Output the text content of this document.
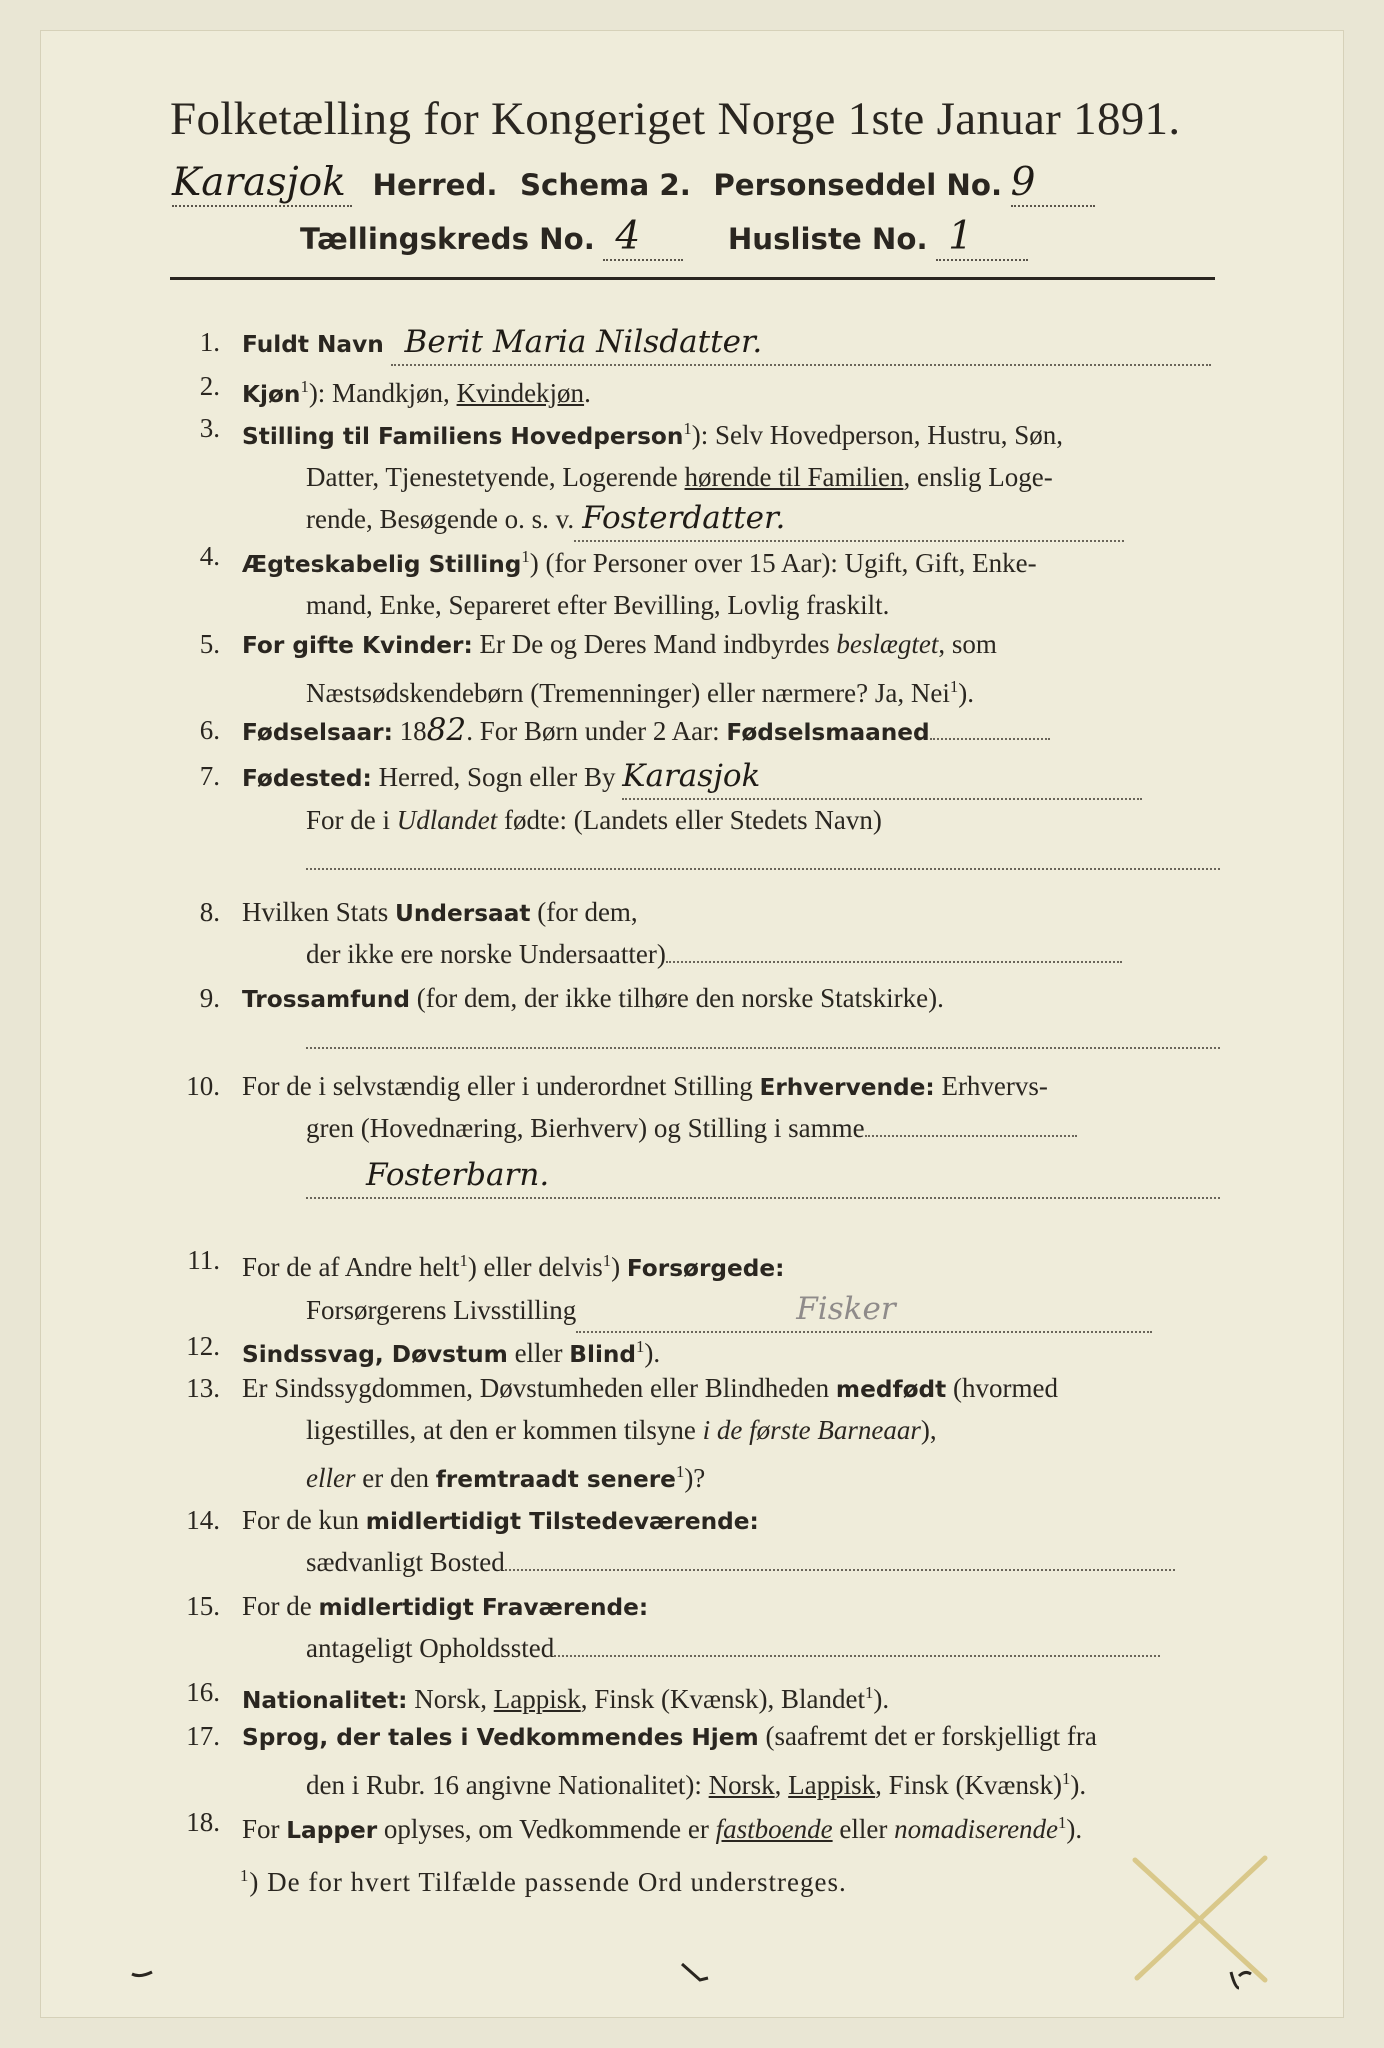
Folketælling for Kongeriget Norge 1ste Januar 1891.
Karasjok Herred. Schema 2. Personseddel No. 9
Tællingskreds No. 4	Husliste No. 1
1. Fuldt Navn Berit Maria Nilsdatter.
2. Kjøn$^1$): Mandkjøn, Kvindekjøn.
3. Stilling til Familiens Hovedperson$^1$): Selv Hovedperson, Hustru, Søn,
Datter, Tjenestetyende, Logerende hørende til Familien, enslig Loge-
rende, Besøgende o. s. v. Fosterdatter.
4. Ægteskabelig Stilling$^1$) (for Personer over 15 Aar): Ugift, Gift, Enke-
mand, Enke, Separeret efter Bevilling, Lovlig fraskilt.
5. For gifte Kvinder: Er De og Deres Mand indbyrdes beslægtet, som
Næstsødskendebørn (Tremenninger) eller nærmere? Ja, Nei$^1$).
6. Fødselsaar: 1882. For Børn under 2 Aar: Fødselsmaaned
7. Fødested: Herred, Sogn eller By Karasjok
For de i Udlandet fødte: (Landets eller Stedets Navn)
8. Hvilken Stats Undersaat (for dem,
der ikke ere norske Undersaatter)
9. Trossamfund (for dem, der ikke tilhøre den norske Statskirke).
10. For de i selvstændig eller i underordnet Stilling Erhvervende: Erhvervs-
gren (Hovednæring, Bierhverv) og Stilling i samme
Fosterbarn.
11. For de af Andre helt$^1$) eller delvis$^1$) Forsørgede:
Forsørgerens Livsstilling	Fisker
12. Sindssvag, Døvstum eller Blind$^1$).
13. Er Sindssygdommen, Døvstumheden eller Blindheden medfødt (hvormed
ligestilles, at den er kommen tilsyne i de første Barneaar),
eller er den fremtraadt senere$^1$)?
14. For de kun midlertidigt Tilstedeværende:
sædvanligt Bosted
15. For de midlertidigt Fraværende:
antageligt Opholdssted
16. Nationalitet: Norsk, Lappisk, Finsk (Kvænsk), Blandet$^1$).
17. Sprog, der tales i Vedkommendes Hjem (saafremt det er forskjelligt fra
den i Rubr. 16 angivne Nationalitet): Norsk, Lappisk, Finsk (Kvænsk)$^1$).
18. For Lapper oplyses, om Vedkommende er fastboende eller nomadiserende$^1$).
$^1$) De for hvert Tilfælde passende Ord understreges.
